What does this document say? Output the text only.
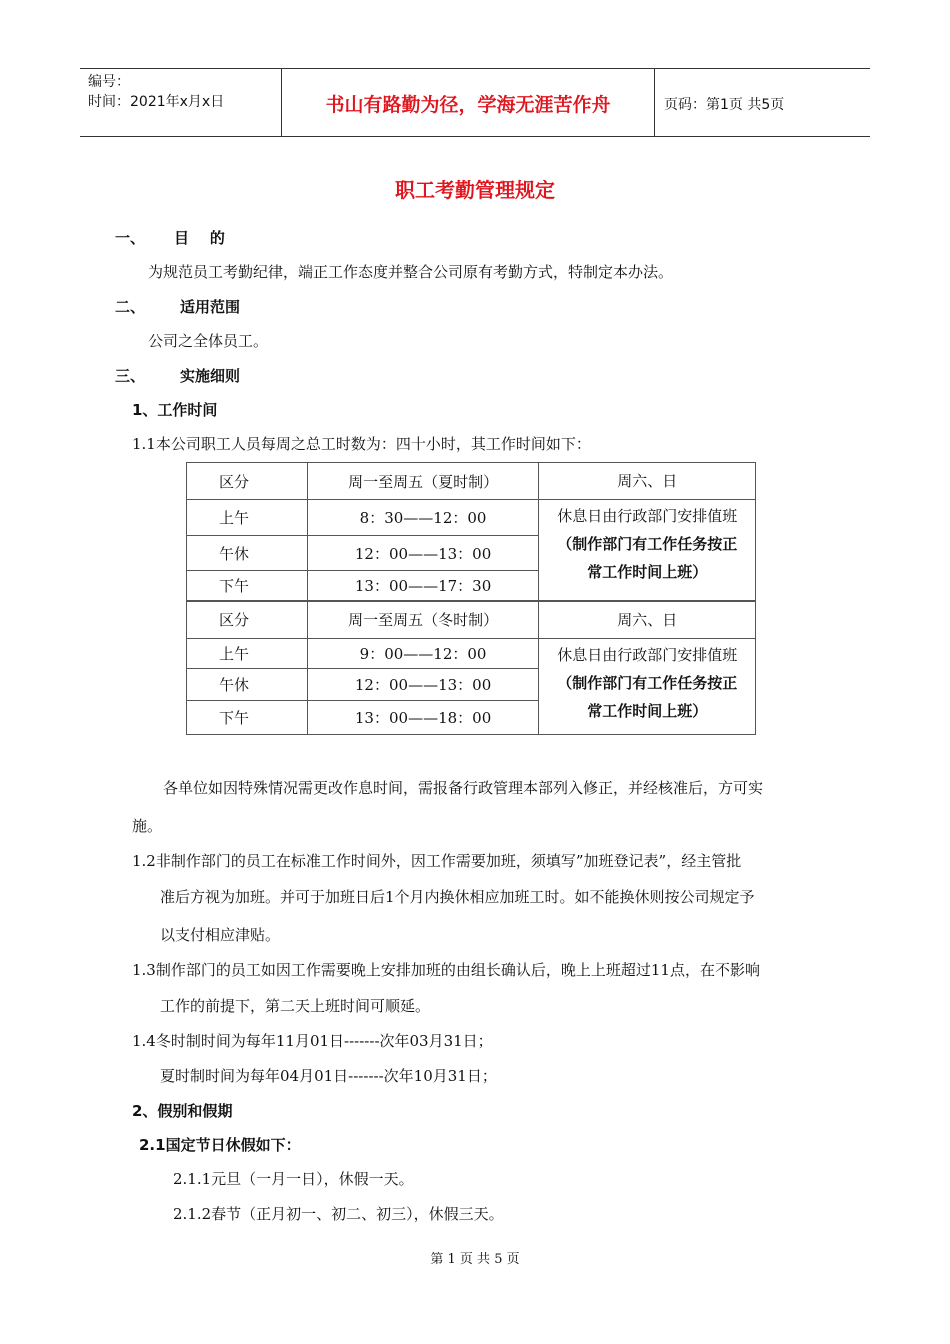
编号：
时间：2021年x月x日	书山有路勤为径，学海无涯苦作舟	页码：第1页 共5页
职工考勤管理规定
一、 目    的
为规范员工考勤纪律，端正工作态度并整合公司原有考勤方式，特制定本办法。
二、 适用范围
公司之全体员工。
三、 实施细则
1、工作时间
1.1本公司职工人员每周之总工时数为：四十小时，其工作时间如下：
区分	周一至周五（夏时制）	周六、日
上午	8：30——12：00	休息日由行政部门安排值班
（制作部门有工作任务按正
常工作时间上班）

午休	12：00——13：00	
下午	13：00——17：30	
区分	周一至周五（冬时制）	周六、日
上午	9：00——12：00	休息日由行政部门安排值班
（制作部门有工作任务按正
常工作时间上班）

午休	12：00——13：00	
下午	13：00——18：00	
各单位如因特殊情况需更改作息时间，需报备行政管理本部列入修正，并经核准后，方可实
施。
1.2非制作部门的员工在标准工作时间外，因工作需要加班，须填写”加班登记表”，经主管批
准后方视为加班。并可于加班日后1个月内换休相应加班工时。如不能换休则按公司规定予
以支付相应津贴。
1.3制作部门的员工如因工作需要晚上安排加班的由组长确认后，晚上上班超过11点，在不影响
工作的前提下，第二天上班时间可顺延。
1.4冬时制时间为每年11月01日-------次年03月31日；
夏时制时间为每年04月01日-------次年10月31日；
2、假别和假期
2.1国定节日休假如下：
2.1.1元旦（一月一日），休假一天。
2.1.2春节（正月初一、初二、初三），休假三天。
第 1 页 共 5 页
